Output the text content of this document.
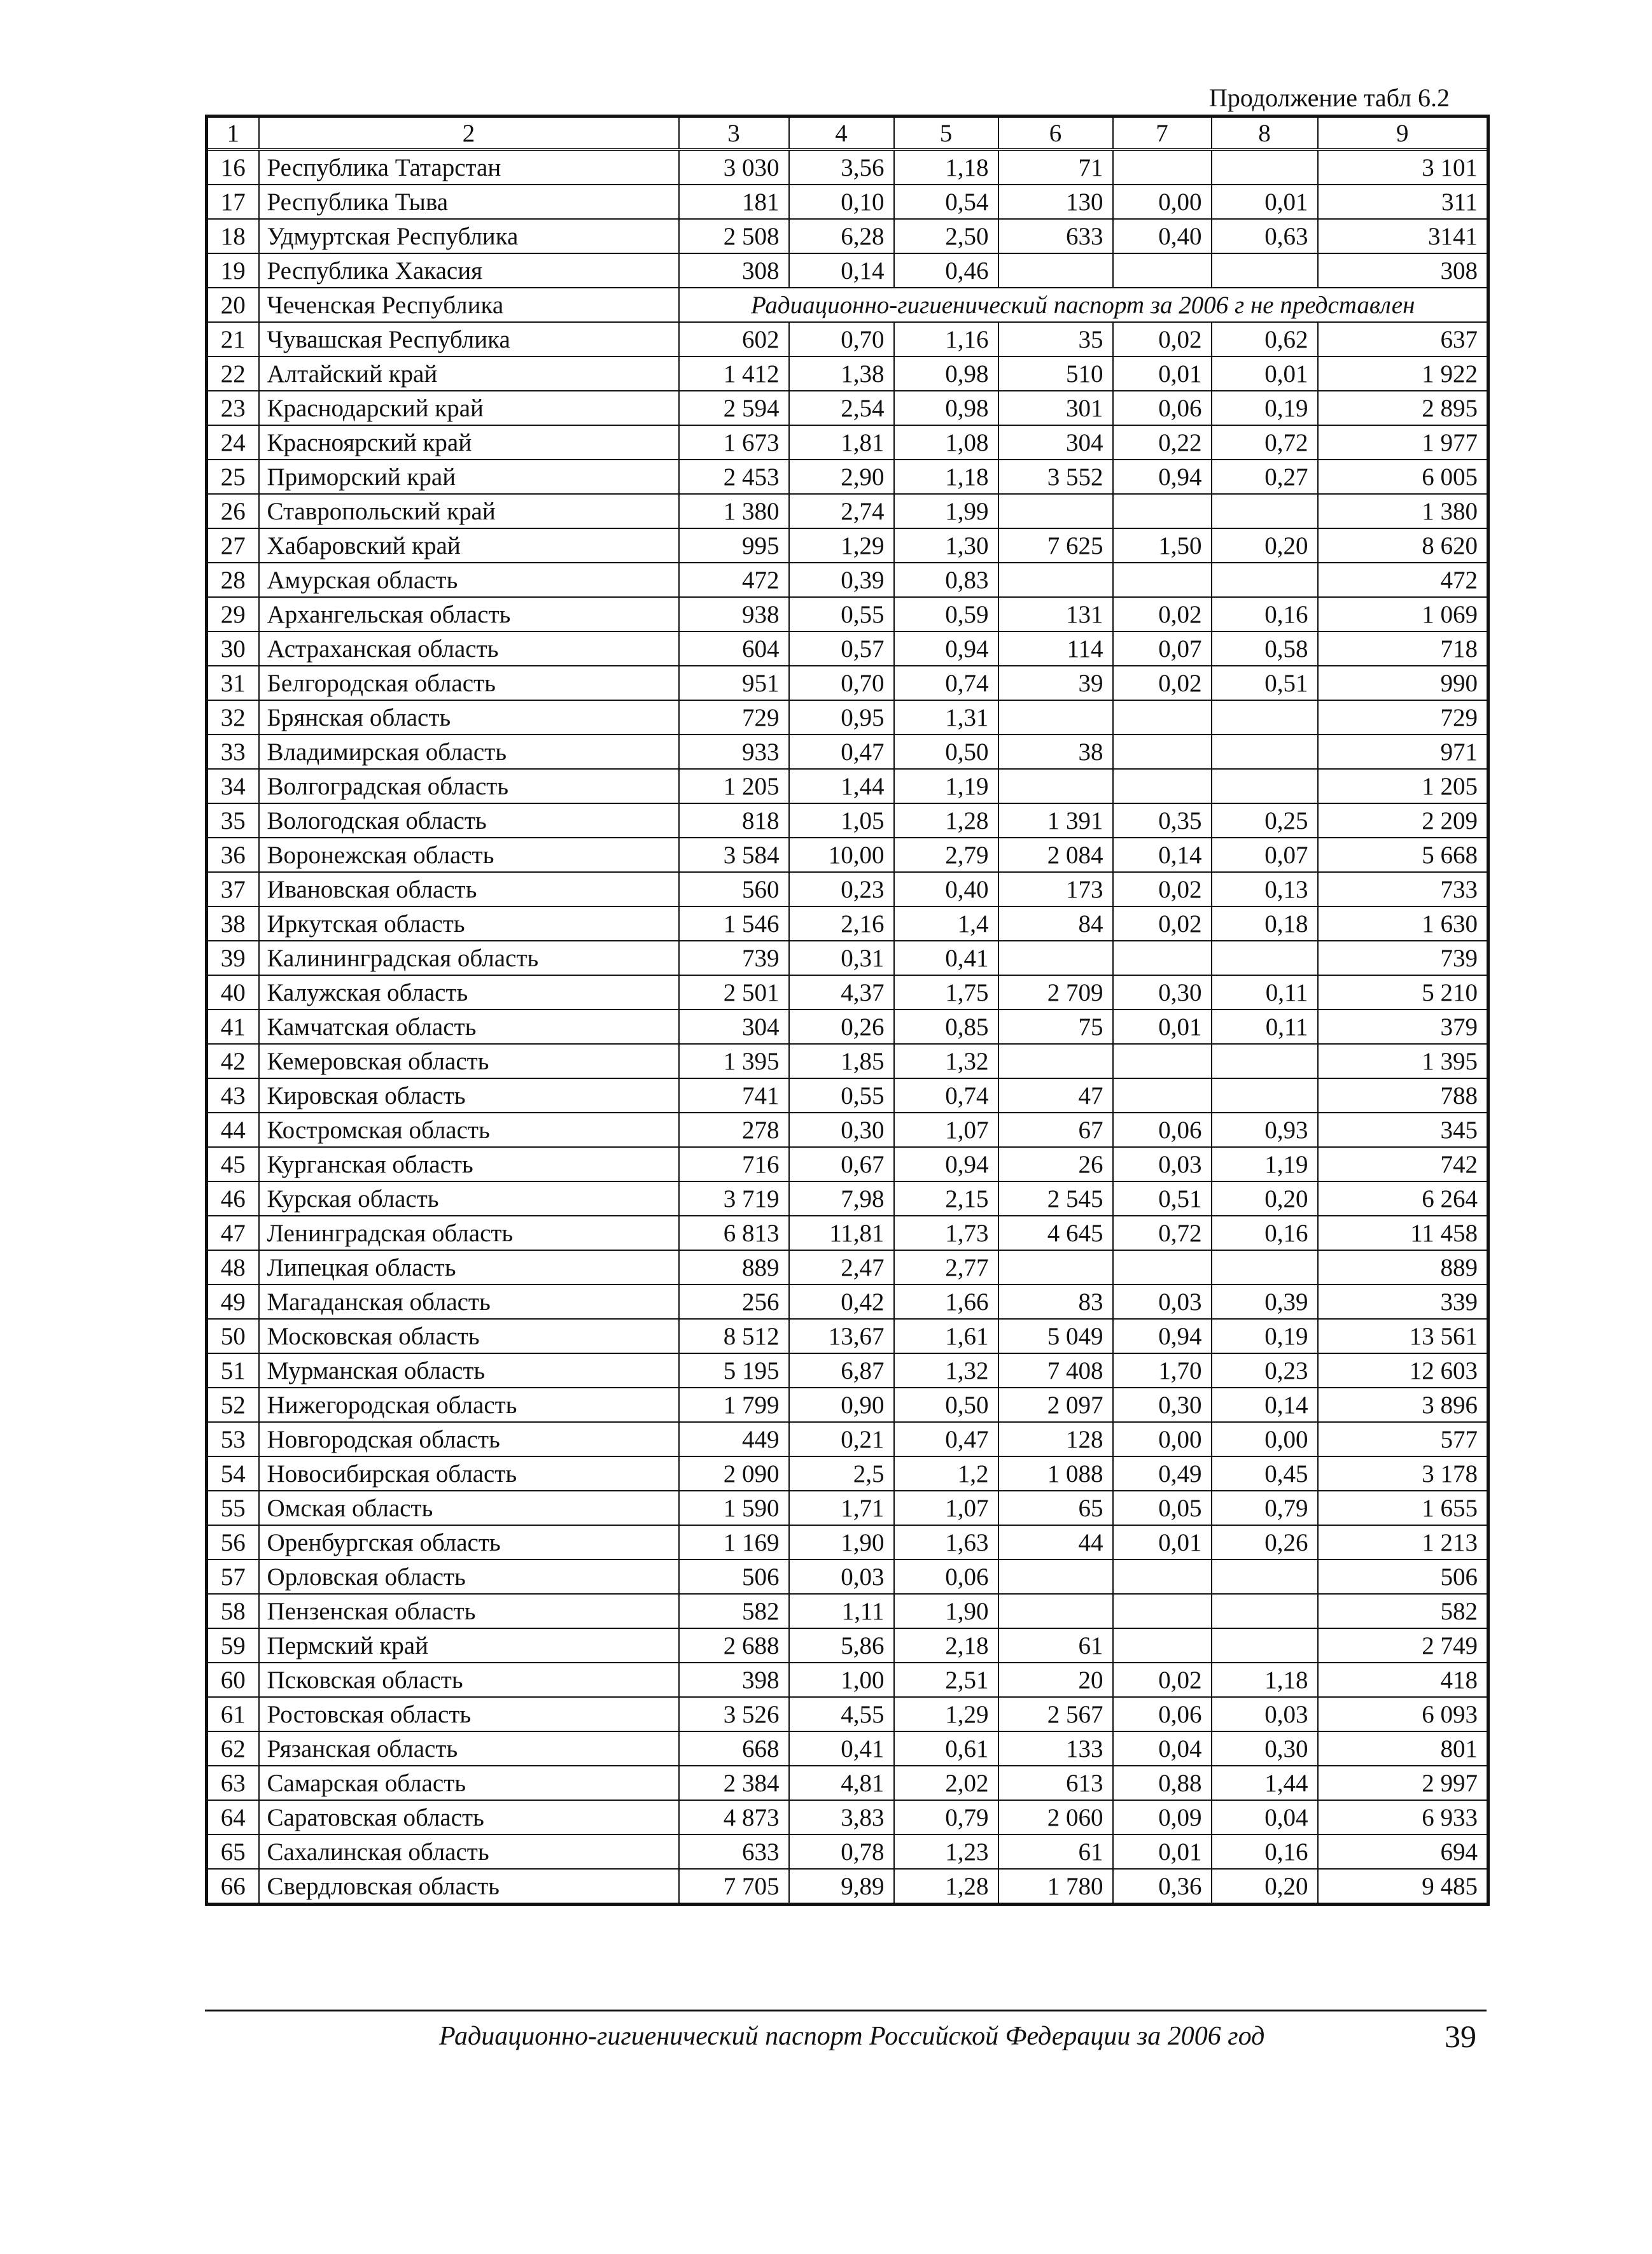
Продолжение табл 6.2
1	2	3	4	5	6	7	8	9
16	Республика Татарстан	3 030	3,56	1,18	71			3 101
17	Республика Тыва	181	0,10	0,54	130	0,00	0,01	311
18	Удмуртская Республика	2 508	6,28	2,50	633	0,40	0,63	3141
19	Республика Хакасия	308	0,14	0,46				308
20	Чеченская Республика	Радиационно-гигиенический паспорт за 2006 г не представлен						
21	Чувашская Республика	602	0,70	1,16	35	0,02	0,62	637
22	Алтайский край	1 412	1,38	0,98	510	0,01	0,01	1 922
23	Краснодарский край	2 594	2,54	0,98	301	0,06	0,19	2 895
24	Красноярский край	1 673	1,81	1,08	304	0,22	0,72	1 977
25	Приморский край	2 453	2,90	1,18	3 552	0,94	0,27	6 005
26	Ставропольский край	1 380	2,74	1,99				1 380
27	Хабаровский край	995	1,29	1,30	7 625	1,50	0,20	8 620
28	Амурская область	472	0,39	0,83				472
29	Архангельская область	938	0,55	0,59	131	0,02	0,16	1 069
30	Астраханская область	604	0,57	0,94	114	0,07	0,58	718
31	Белгородская область	951	0,70	0,74	39	0,02	0,51	990
32	Брянская область	729	0,95	1,31				729
33	Владимирская область	933	0,47	0,50	38			971
34	Волгоградская область	1 205	1,44	1,19				1 205
35	Вологодская область	818	1,05	1,28	1 391	0,35	0,25	2 209
36	Воронежская область	3 584	10,00	2,79	2 084	0,14	0,07	5 668
37	Ивановская область	560	0,23	0,40	173	0,02	0,13	733
38	Иркутская область	1 546	2,16	1,4	84	0,02	0,18	1 630
39	Калининградская область	739	0,31	0,41				739
40	Калужская область	2 501	4,37	1,75	2 709	0,30	0,11	5 210
41	Камчатская область	304	0,26	0,85	75	0,01	0,11	379
42	Кемеровская область	1 395	1,85	1,32				1 395
43	Кировская область	741	0,55	0,74	47			788
44	Костромская область	278	0,30	1,07	67	0,06	0,93	345
45	Курганская область	716	0,67	0,94	26	0,03	1,19	742
46	Курская область	3 719	7,98	2,15	2 545	0,51	0,20	6 264
47	Ленинградская область	6 813	11,81	1,73	4 645	0,72	0,16	11 458
48	Липецкая область	889	2,47	2,77				889
49	Магаданская область	256	0,42	1,66	83	0,03	0,39	339
50	Московская область	8 512	13,67	1,61	5 049	0,94	0,19	13 561
51	Мурманская область	5 195	6,87	1,32	7 408	1,70	0,23	12 603
52	Нижегородская область	1 799	0,90	0,50	2 097	0,30	0,14	3 896
53	Новгородская область	449	0,21	0,47	128	0,00	0,00	577
54	Новосибирская область	2 090	2,5	1,2	1 088	0,49	0,45	3 178
55	Омская область	1 590	1,71	1,07	65	0,05	0,79	1 655
56	Оренбургская область	1 169	1,90	1,63	44	0,01	0,26	1 213
57	Орловская область	506	0,03	0,06				506
58	Пензенская область	582	1,11	1,90				582
59	Пермский край	2 688	5,86	2,18	61			2 749
60	Псковская область	398	1,00	2,51	20	0,02	1,18	418
61	Ростовская область	3 526	4,55	1,29	2 567	0,06	0,03	6 093
62	Рязанская область	668	0,41	0,61	133	0,04	0,30	801
63	Самарская область	2 384	4,81	2,02	613	0,88	1,44	2 997
64	Саратовская область	4 873	3,83	0,79	2 060	0,09	0,04	6 933
65	Сахалинская область	633	0,78	1,23	61	0,01	0,16	694
66	Свердловская область	7 705	9,89	1,28	1 780	0,36	0,20	9 485
Радиационно-гигиенический паспорт Российской Федерации за 2006 год	39
